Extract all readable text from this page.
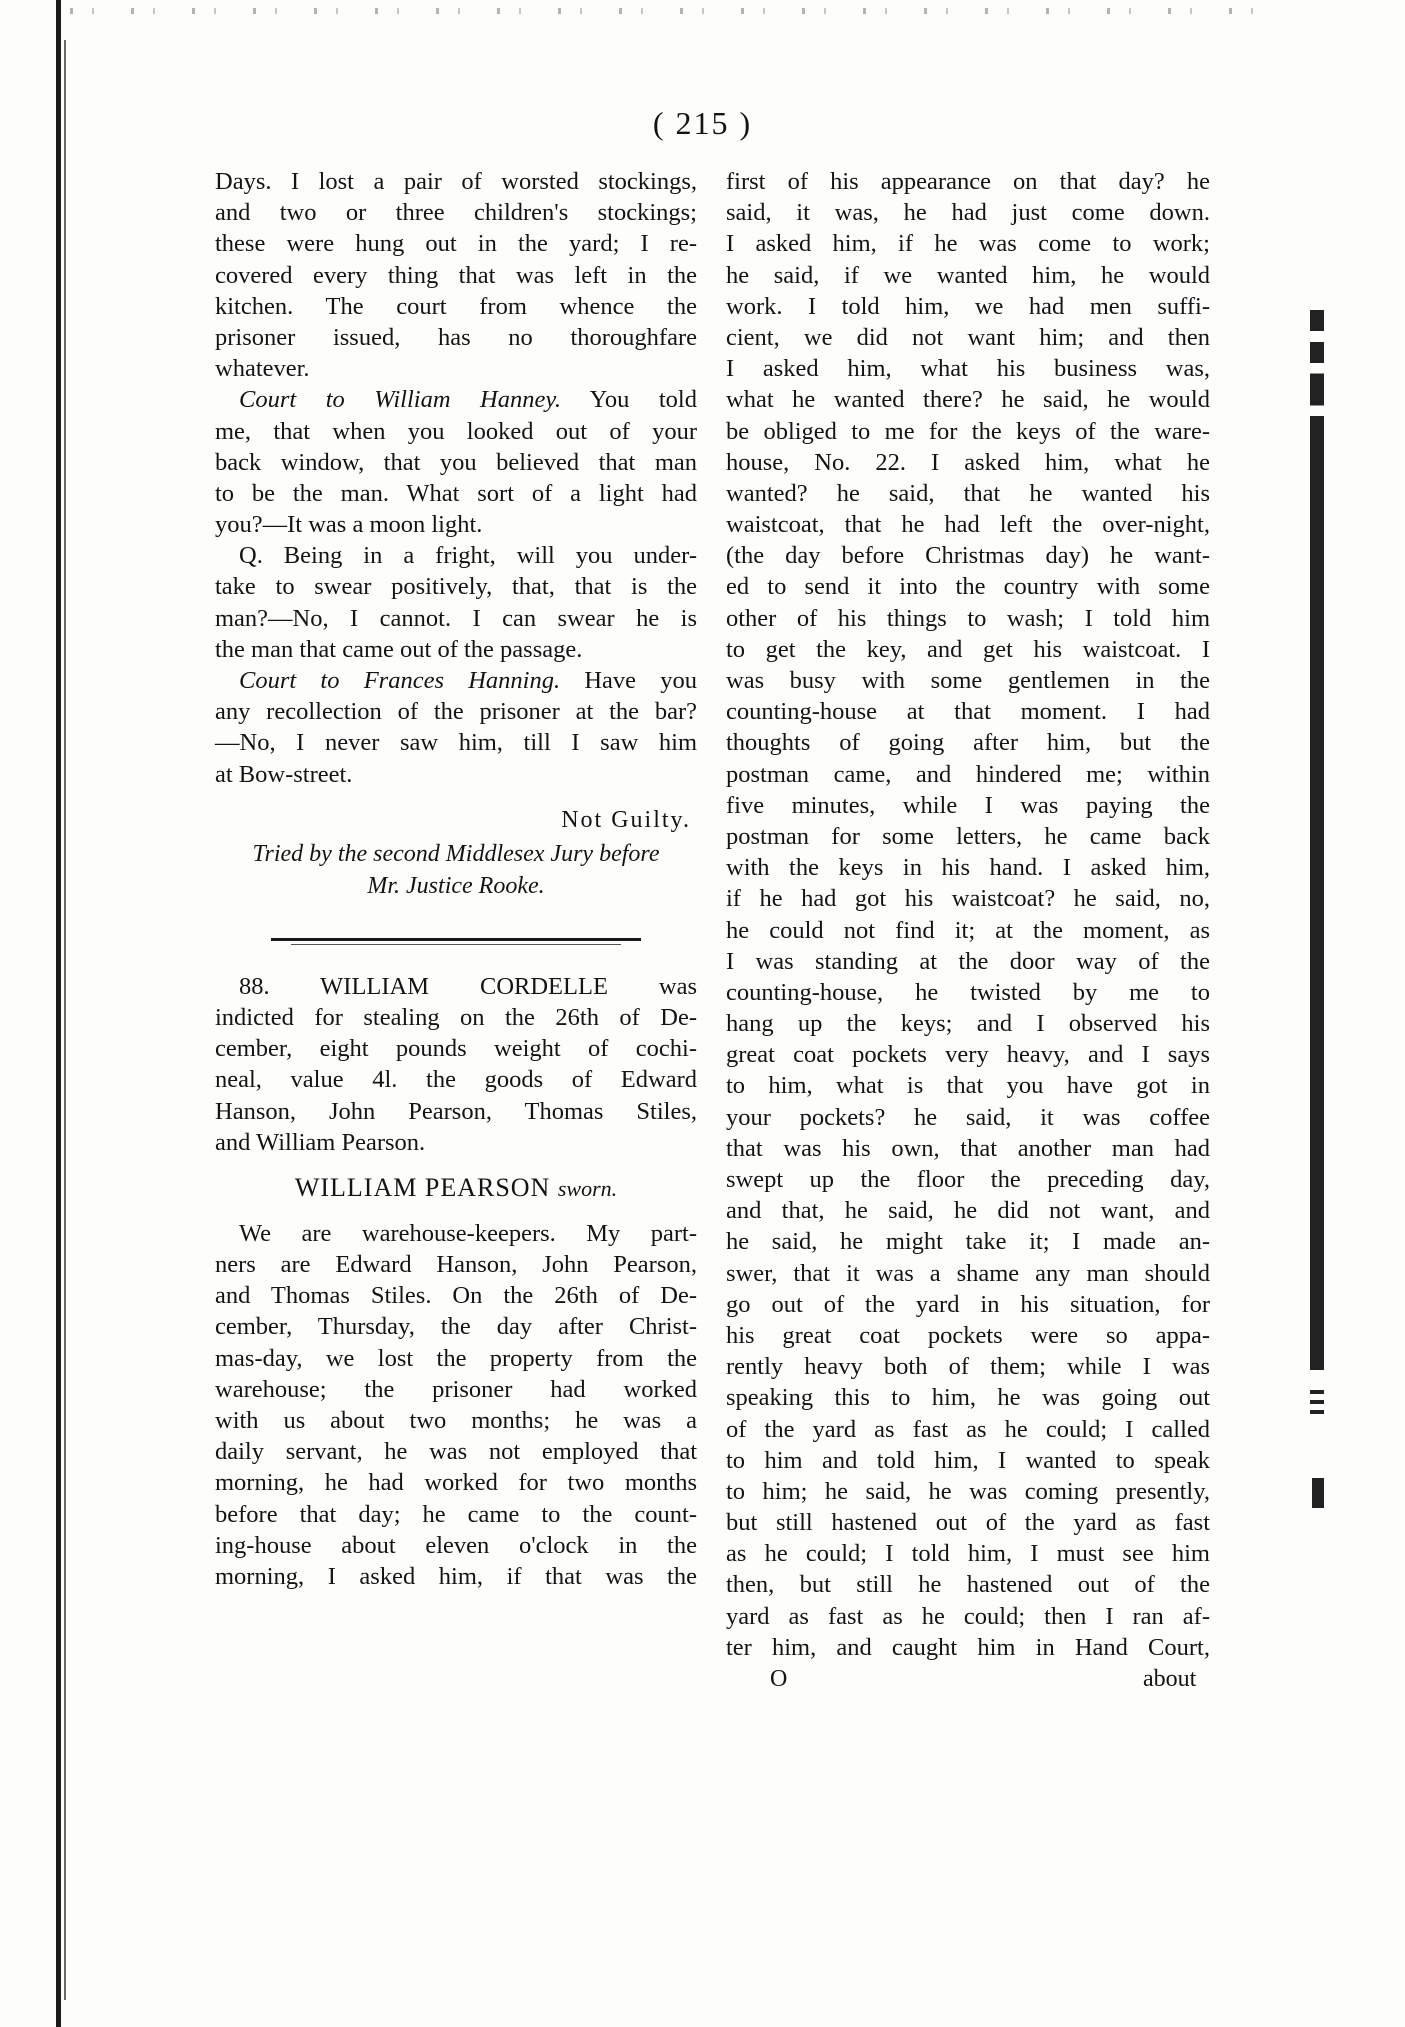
( 215 )
Days. I lost a pair of worsted stockings,
and two or three children's stockings;
these were hung out in the yard; I re-
covered every thing that was left in the
kitchen. The court from whence the
prisoner issued, has no thoroughfare
whatever.
Court to William Hanney. You told
me, that when you looked out of your
back window, that you believed that man
to be the man. What sort of a light had
you?—It was a moon light.
Q. Being in a fright, will you under-
take to swear positively, that, that is the
man?—No, I cannot. I can swear he is
the man that came out of the passage.
Court to Frances Hanning. Have you
any recollection of the prisoner at the bar?
—No, I never saw him, till I saw him
at Bow-street.
Not Guilty.
Tried by the second Middlesex Jury before
Mr. Justice Rooke.
88. WILLIAM CORDELLE was
indicted for stealing on the 26th of De-
cember, eight pounds weight of cochi-
neal, value 4l. the goods of Edward
Hanson, John Pearson, Thomas Stiles,
and William Pearson.
WILLIAM PEARSON sworn.
We are warehouse-keepers. My part-
ners are Edward Hanson, John Pearson,
and Thomas Stiles. On the 26th of De-
cember, Thursday, the day after Christ-
mas-day, we lost the property from the
warehouse; the prisoner had worked
with us about two months; he was a
daily servant, he was not employed that
morning, he had worked for two months
before that day; he came to the count-
ing-house about eleven o'clock in the
morning, I asked him, if that was the
first of his appearance on that day? he
said, it was, he had just come down.
I asked him, if he was come to work;
he said, if we wanted him, he would
work. I told him, we had men suffi-
cient, we did not want him; and then
I asked him, what his business was,
what he wanted there? he said, he would
be obliged to me for the keys of the ware-
house, No. 22. I asked him, what he
wanted? he said, that he wanted his
waistcoat, that he had left the over-night,
(the day before Christmas day) he want-
ed to send it into the country with some
other of his things to wash; I told him
to get the key, and get his waistcoat. I
was busy with some gentlemen in the
counting-house at that moment. I had
thoughts of going after him, but the
postman came, and hindered me; within
five minutes, while I was paying the
postman for some letters, he came back
with the keys in his hand. I asked him,
if he had got his waistcoat? he said, no,
he could not find it; at the moment, as
I was standing at the door way of the
counting-house, he twisted by me to
hang up the keys; and I observed his
great coat pockets very heavy, and I says
to him, what is that you have got in
your pockets? he said, it was coffee
that was his own, that another man had
swept up the floor the preceding day,
and that, he said, he did not want, and
he said, he might take it; I made an-
swer, that it was a shame any man should
go out of the yard in his situation, for
his great coat pockets were so appa-
rently heavy both of them; while I was
speaking this to him, he was going out
of the yard as fast as he could; I called
to him and told him, I wanted to speak
to him; he said, he was coming presently,
but still hastened out of the yard as fast
as he could; I told him, I must see him
then, but still he hastened out of the
yard as fast as he could; then I ran af-
ter him, and caught him in Hand Court,
O	about
